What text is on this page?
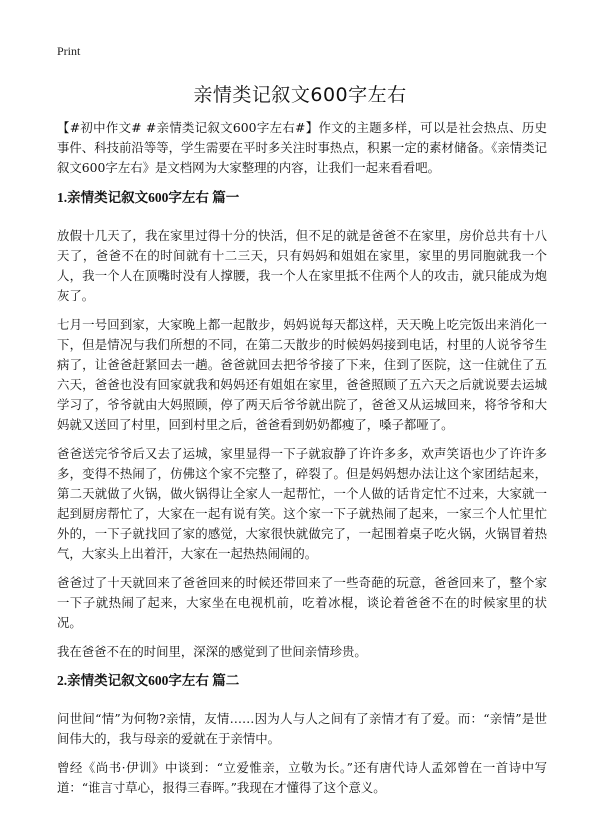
Print
亲情类记叙文600字左右

【#初中作文# #亲情类记叙文600字左右#】作文的主题多样，可以是社会热点、历史事件、科技前沿等等，学生需要在平时多关注时事热点，积累一定的素材储备。《亲情类记叙文600字左右》是文档网为大家整理的内容，让我们一起来看看吧。

1.亲情类记叙文600字左右 篇一

放假十几天了，我在家里过得十分的快活，但不足的就是爸爸不在家里，房价总共有十八天了，爸爸不在的时间就有十二三天，只有妈妈和姐姐在家里，家里的男同胞就我一个人，我一个人在顶嘴时没有人撑腰，我一个人在家里抵不住两个人的攻击，就只能成为炮灰了。

七月一号回到家，大家晚上都一起散步，妈妈说每天都这样，天天晚上吃完饭出来消化一下，但是情况与我们所想的不同，在第二天散步的时候妈妈接到电话，村里的人说爷爷生病了，让爸爸赶紧回去一趟。爸爸就回去把爷爷接了下来，住到了医院，这一住就住了五六天，爸爸也没有回家就我和妈妈还有姐姐在家里，爸爸照顾了五六天之后就说要去运城学习了，爷爷就由大妈照顾，停了两天后爷爷就出院了，爸爸又从运城回来，将爷爷和大妈就又送回了村里，回到村里之后，爸爸看到奶奶都瘦了，嗓子都哑了。

爸爸送完爷爷后又去了运城，家里显得一下子就寂静了许许多多，欢声笑语也少了许许多多，变得不热闹了，仿佛这个家不完整了，碎裂了。但是妈妈想办法让这个家团结起来，第二天就做了火锅，做火锅得让全家人一起帮忙，一个人做的话肯定忙不过来，大家就一起到厨房帮忙了，大家在一起有说有笑。这个家一下子就热闹了起来，一家三个人忙里忙外的，一下子就找回了家的感觉，大家很快就做完了，一起围着桌子吃火锅，火锅冒着热气，大家头上出着汗，大家在一起热热闹闹的。

爸爸过了十天就回来了爸爸回来的时候还带回来了一些奇葩的玩意，爸爸回来了，整个家一下子就热闹了起来，大家坐在电视机前，吃着冰棍，谈论着爸爸不在的时候家里的状况。

我在爸爸不在的时间里，深深的感觉到了世间亲情珍贵。

2.亲情类记叙文600字左右 篇二

问世间“情”为何物?亲情，友情……因为人与人之间有了亲情才有了爱。而：“亲情”是世间伟大的，我与母亲的爱就在于亲情中。

曾经《尚书·伊训》中谈到：“立爱惟亲，立敬为长。”还有唐代诗人孟郊曾在一首诗中写道：“谁言寸草心，报得三春晖。”我现在才懂得了这个意义。
